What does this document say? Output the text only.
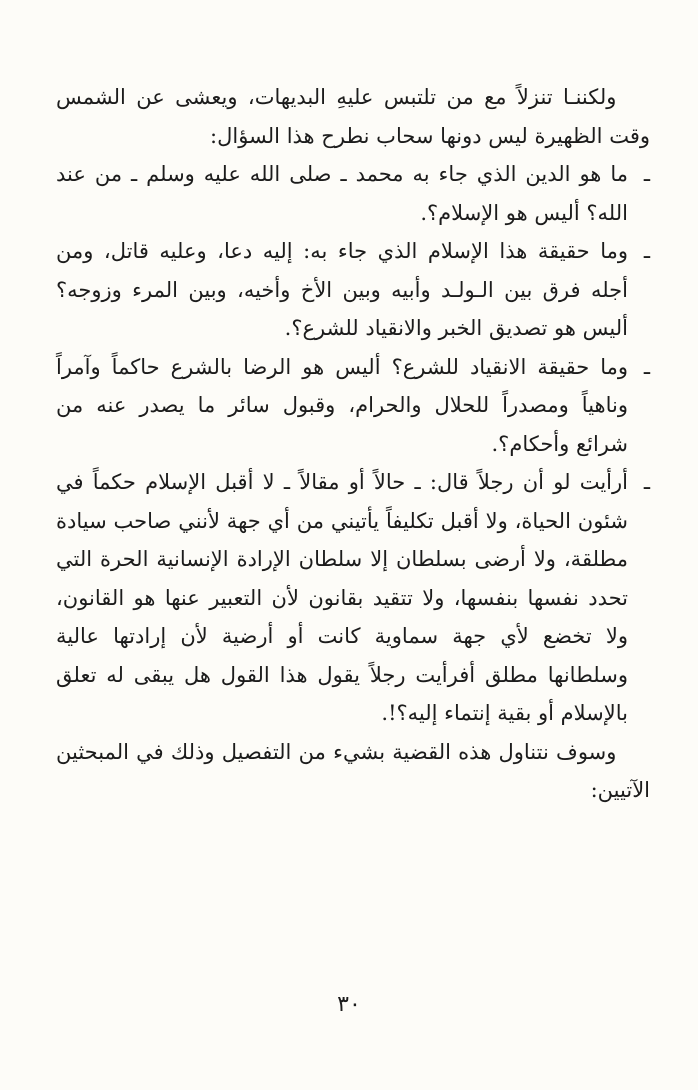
ولكننـا تنزلاً مع من تلتبس عليهِ البديهات، ويعشى عن الشمس وقت الظهيرة ليس دونها سحاب نطرح هذا السؤال:

ـ
ما هو الدين الذي جاء به محمد ـ صلى الله عليه وسلم ـ من عند الله؟ أليس هو الإسلام؟.

ـ
وما حقيقة هذا الإسلام الذي جاء به: إليه دعا، وعليه قاتل، ومن أجله فرق بين الـولـد وأبيه وبين الأخ وأخيه، وبين المرء وزوجه؟ أليس هو تصديق الخبر والانقياد للشرع؟.

ـ
وما حقيقة الانقياد للشرع؟ أليس هو الرضا بالشرع حاكماً وآمراً وناهياً ومصدراً للحلال والحرام، وقبول سائر ما يصدر عنه من شرائع وأحكام؟.

ـ
أرأيت لو أن رجلاً قال: ـ حالاً أو مقالاً ـ لا أقبل الإسلام حكماً في شئون الحياة، ولا أقبل تكليفاً يأتيني من أي جهة لأنني صاحب سيادة مطلقة، ولا أرضى بسلطان إلا سلطان الإرادة الإنسانية الحرة التي تحدد نفسها بنفسها، ولا تتقيد بقانون لأن التعبير عنها هو القانون، ولا تخضع لأي جهة سماوية كانت أو أرضية لأن إرادتها عالية وسلطانها مطلق أفرأيت رجلاً يقول هذا القول هل يبقى له تعلق بالإسلام أو بقية إنتماء إليه؟!.

وسوف نتناول هذه القضية بشيء من التفصيل وذلك في المبحثين الآتيين:

٣٠
